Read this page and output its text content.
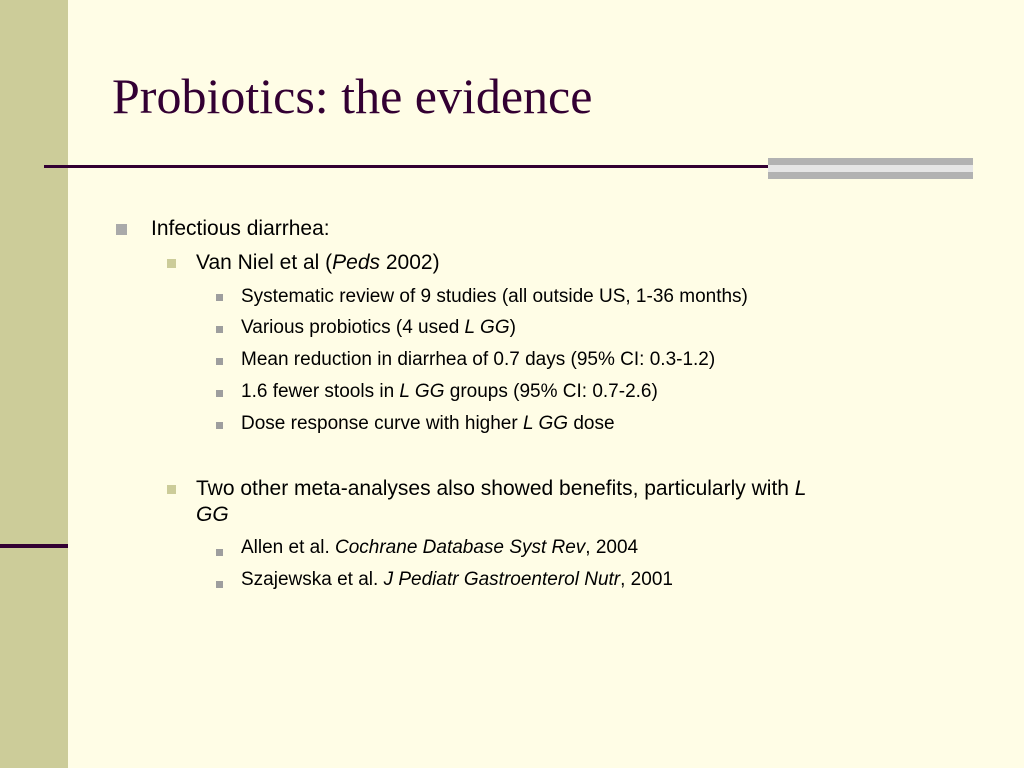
Probiotics: the evidence
Infectious diarrhea:
Van Niel et al (Peds 2002)
Systematic review of 9 studies (all outside US, 1-36 months)
Various probiotics (4 used L GG)
Mean reduction in diarrhea of 0.7 days (95% CI: 0.3-1.2)
1.6 fewer stools in L GG groups (95% CI: 0.7-2.6)
Dose response curve with higher L GG dose
Two other meta-analyses also showed benefits, particularly with L
GG
Allen et al. Cochrane Database Syst Rev, 2004
Szajewska et al. J Pediatr Gastroenterol Nutr, 2001
